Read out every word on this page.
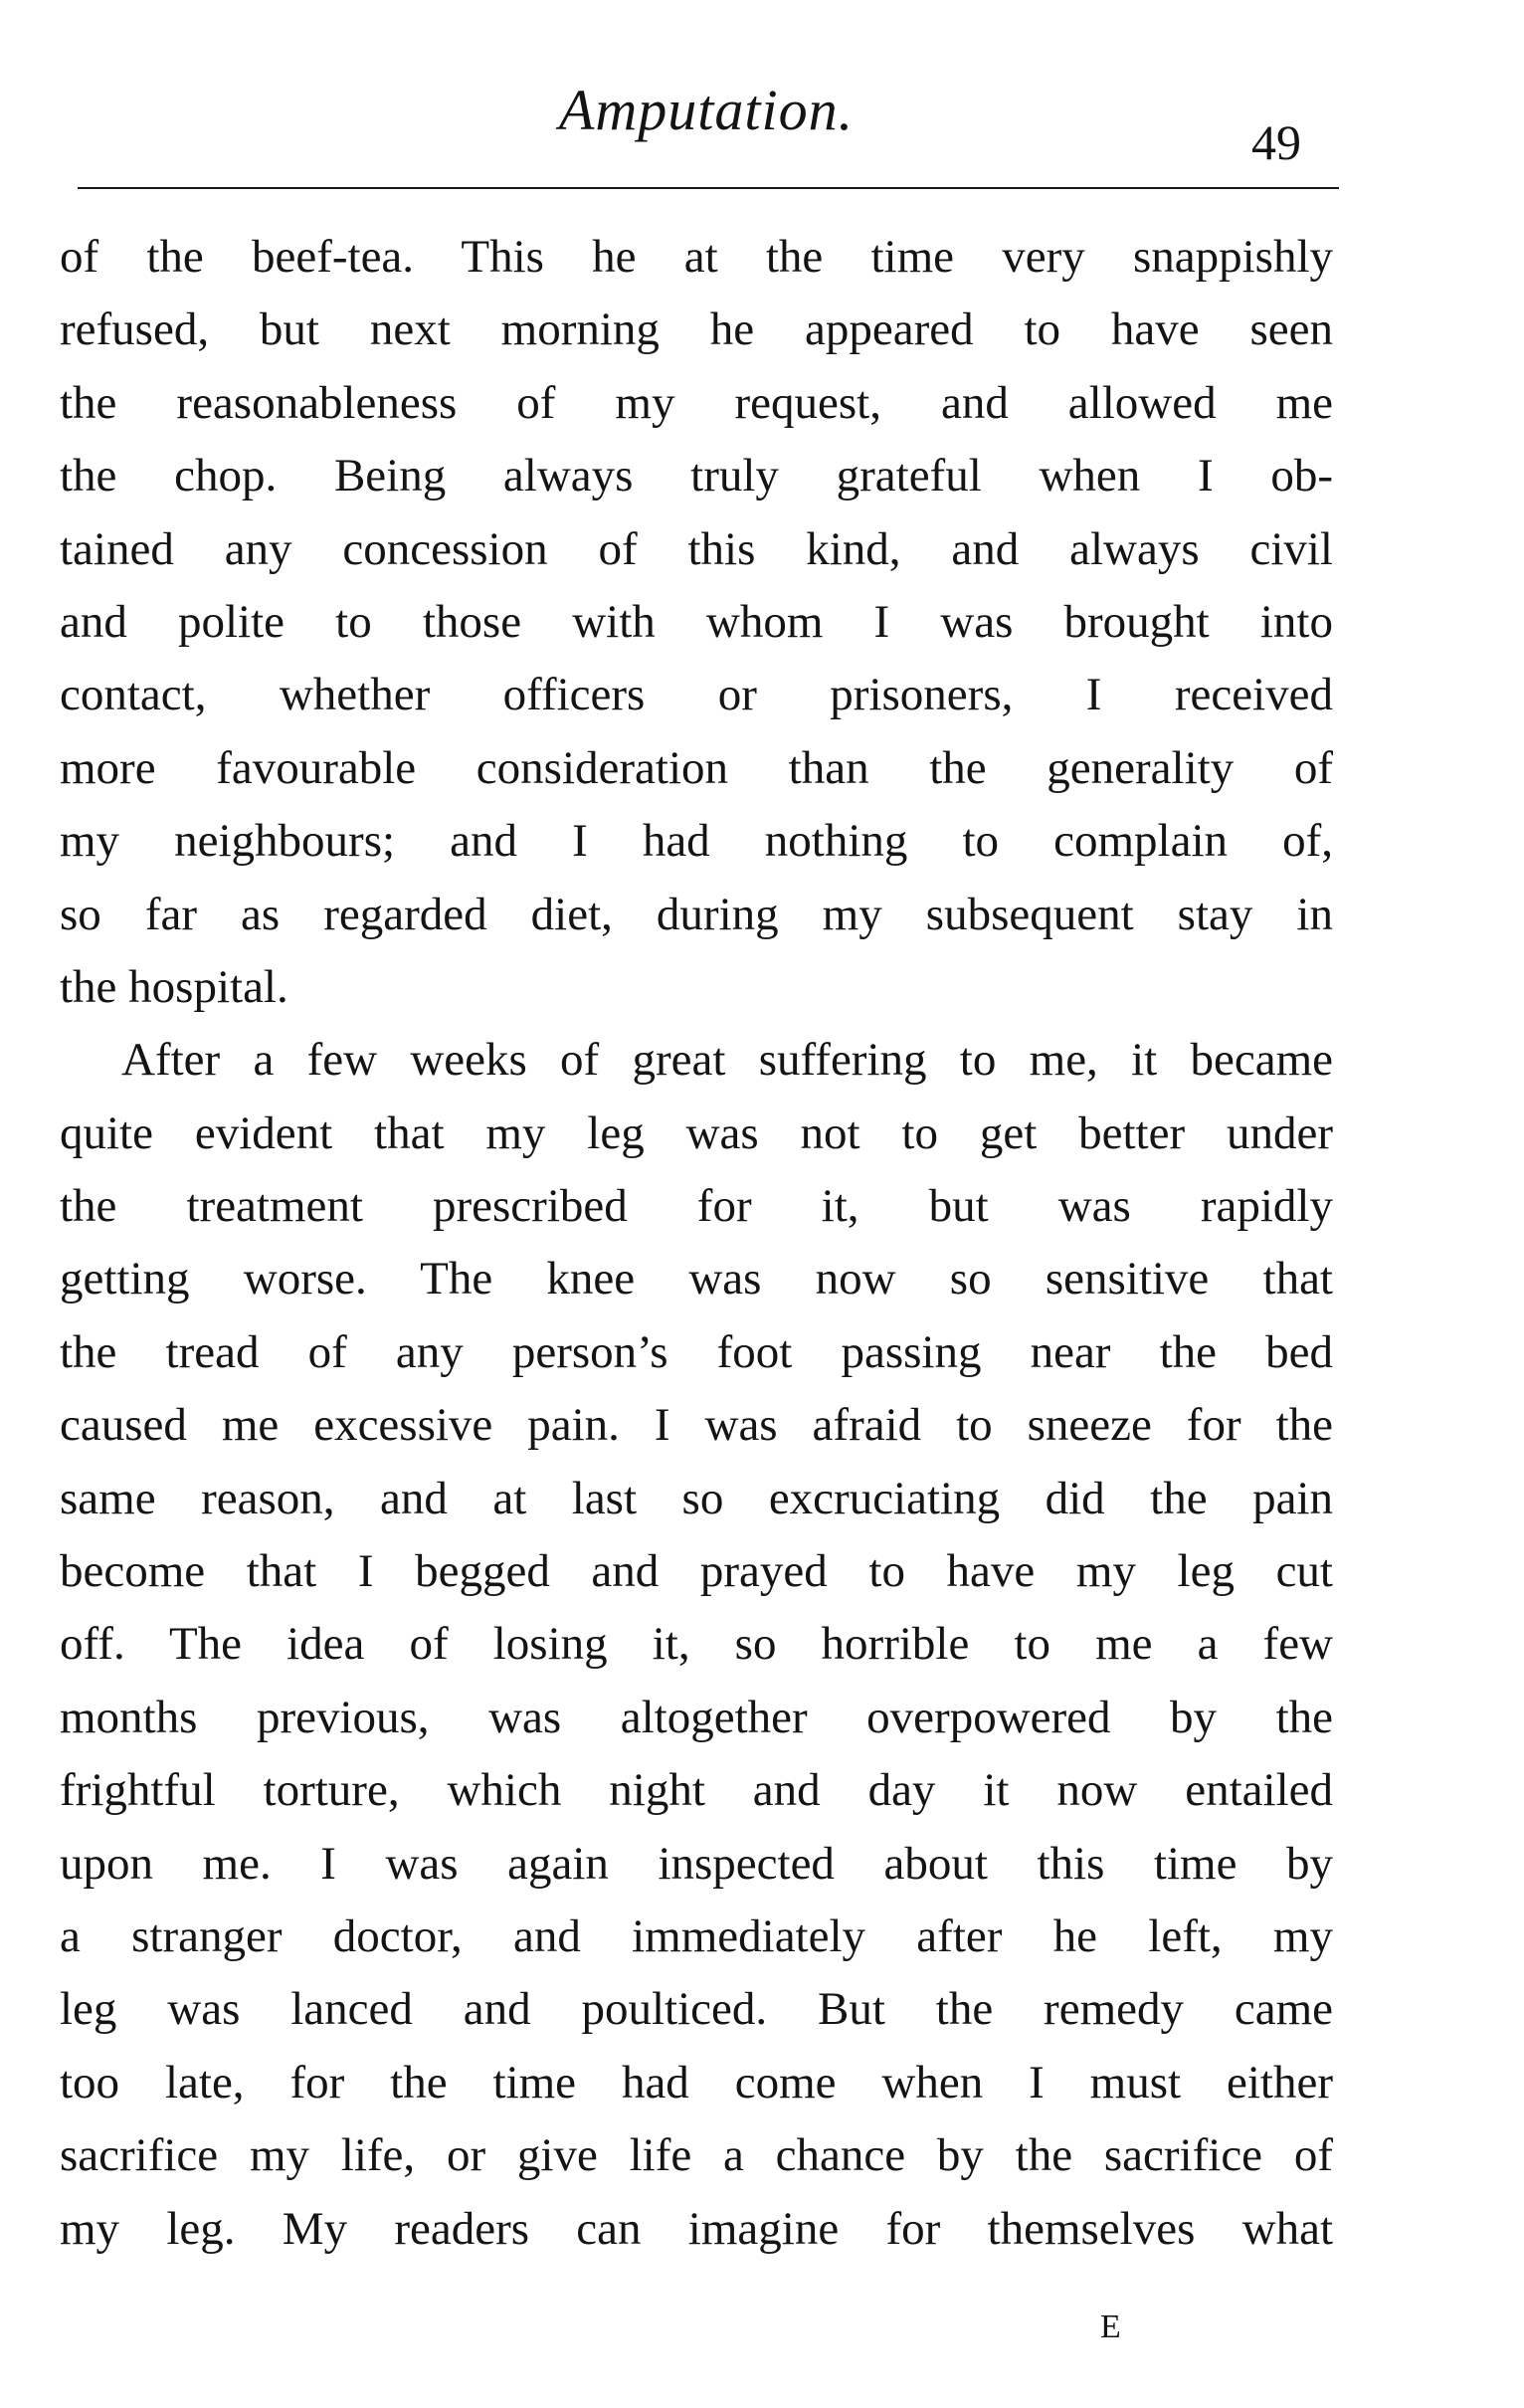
Amputation.	49
of the beef-tea. This he at the time very snappishly
refused, but next morning he appeared to have seen
the reasonableness of my request, and allowed me
the chop. Being always truly grateful when I ob-
tained any concession of this kind, and always civil
and polite to those with whom I was brought into
contact, whether officers or prisoners, I received
more favourable consideration than the generality of
my neighbours; and I had nothing to complain of,
so far as regarded diet, during my subsequent stay in
the hospital.
After a few weeks of great suffering to me, it became
quite evident that my leg was not to get better under
the treatment prescribed for it, but was rapidly
getting worse. The knee was now so sensitive that
the tread of any person’s foot passing near the bed
caused me excessive pain. I was afraid to sneeze for the
same reason, and at last so excruciating did the pain
become that I begged and prayed to have my leg cut
off. The idea of losing it, so horrible to me a few
months previous, was altogether overpowered by the
frightful torture, which night and day it now entailed
upon me. I was again inspected about this time by
a stranger doctor, and immediately after he left, my
leg was lanced and poulticed. But the remedy came
too late, for the time had come when I must either
sacrifice my life, or give life a chance by the sacrifice of
my leg. My readers can imagine for themselves what
E
